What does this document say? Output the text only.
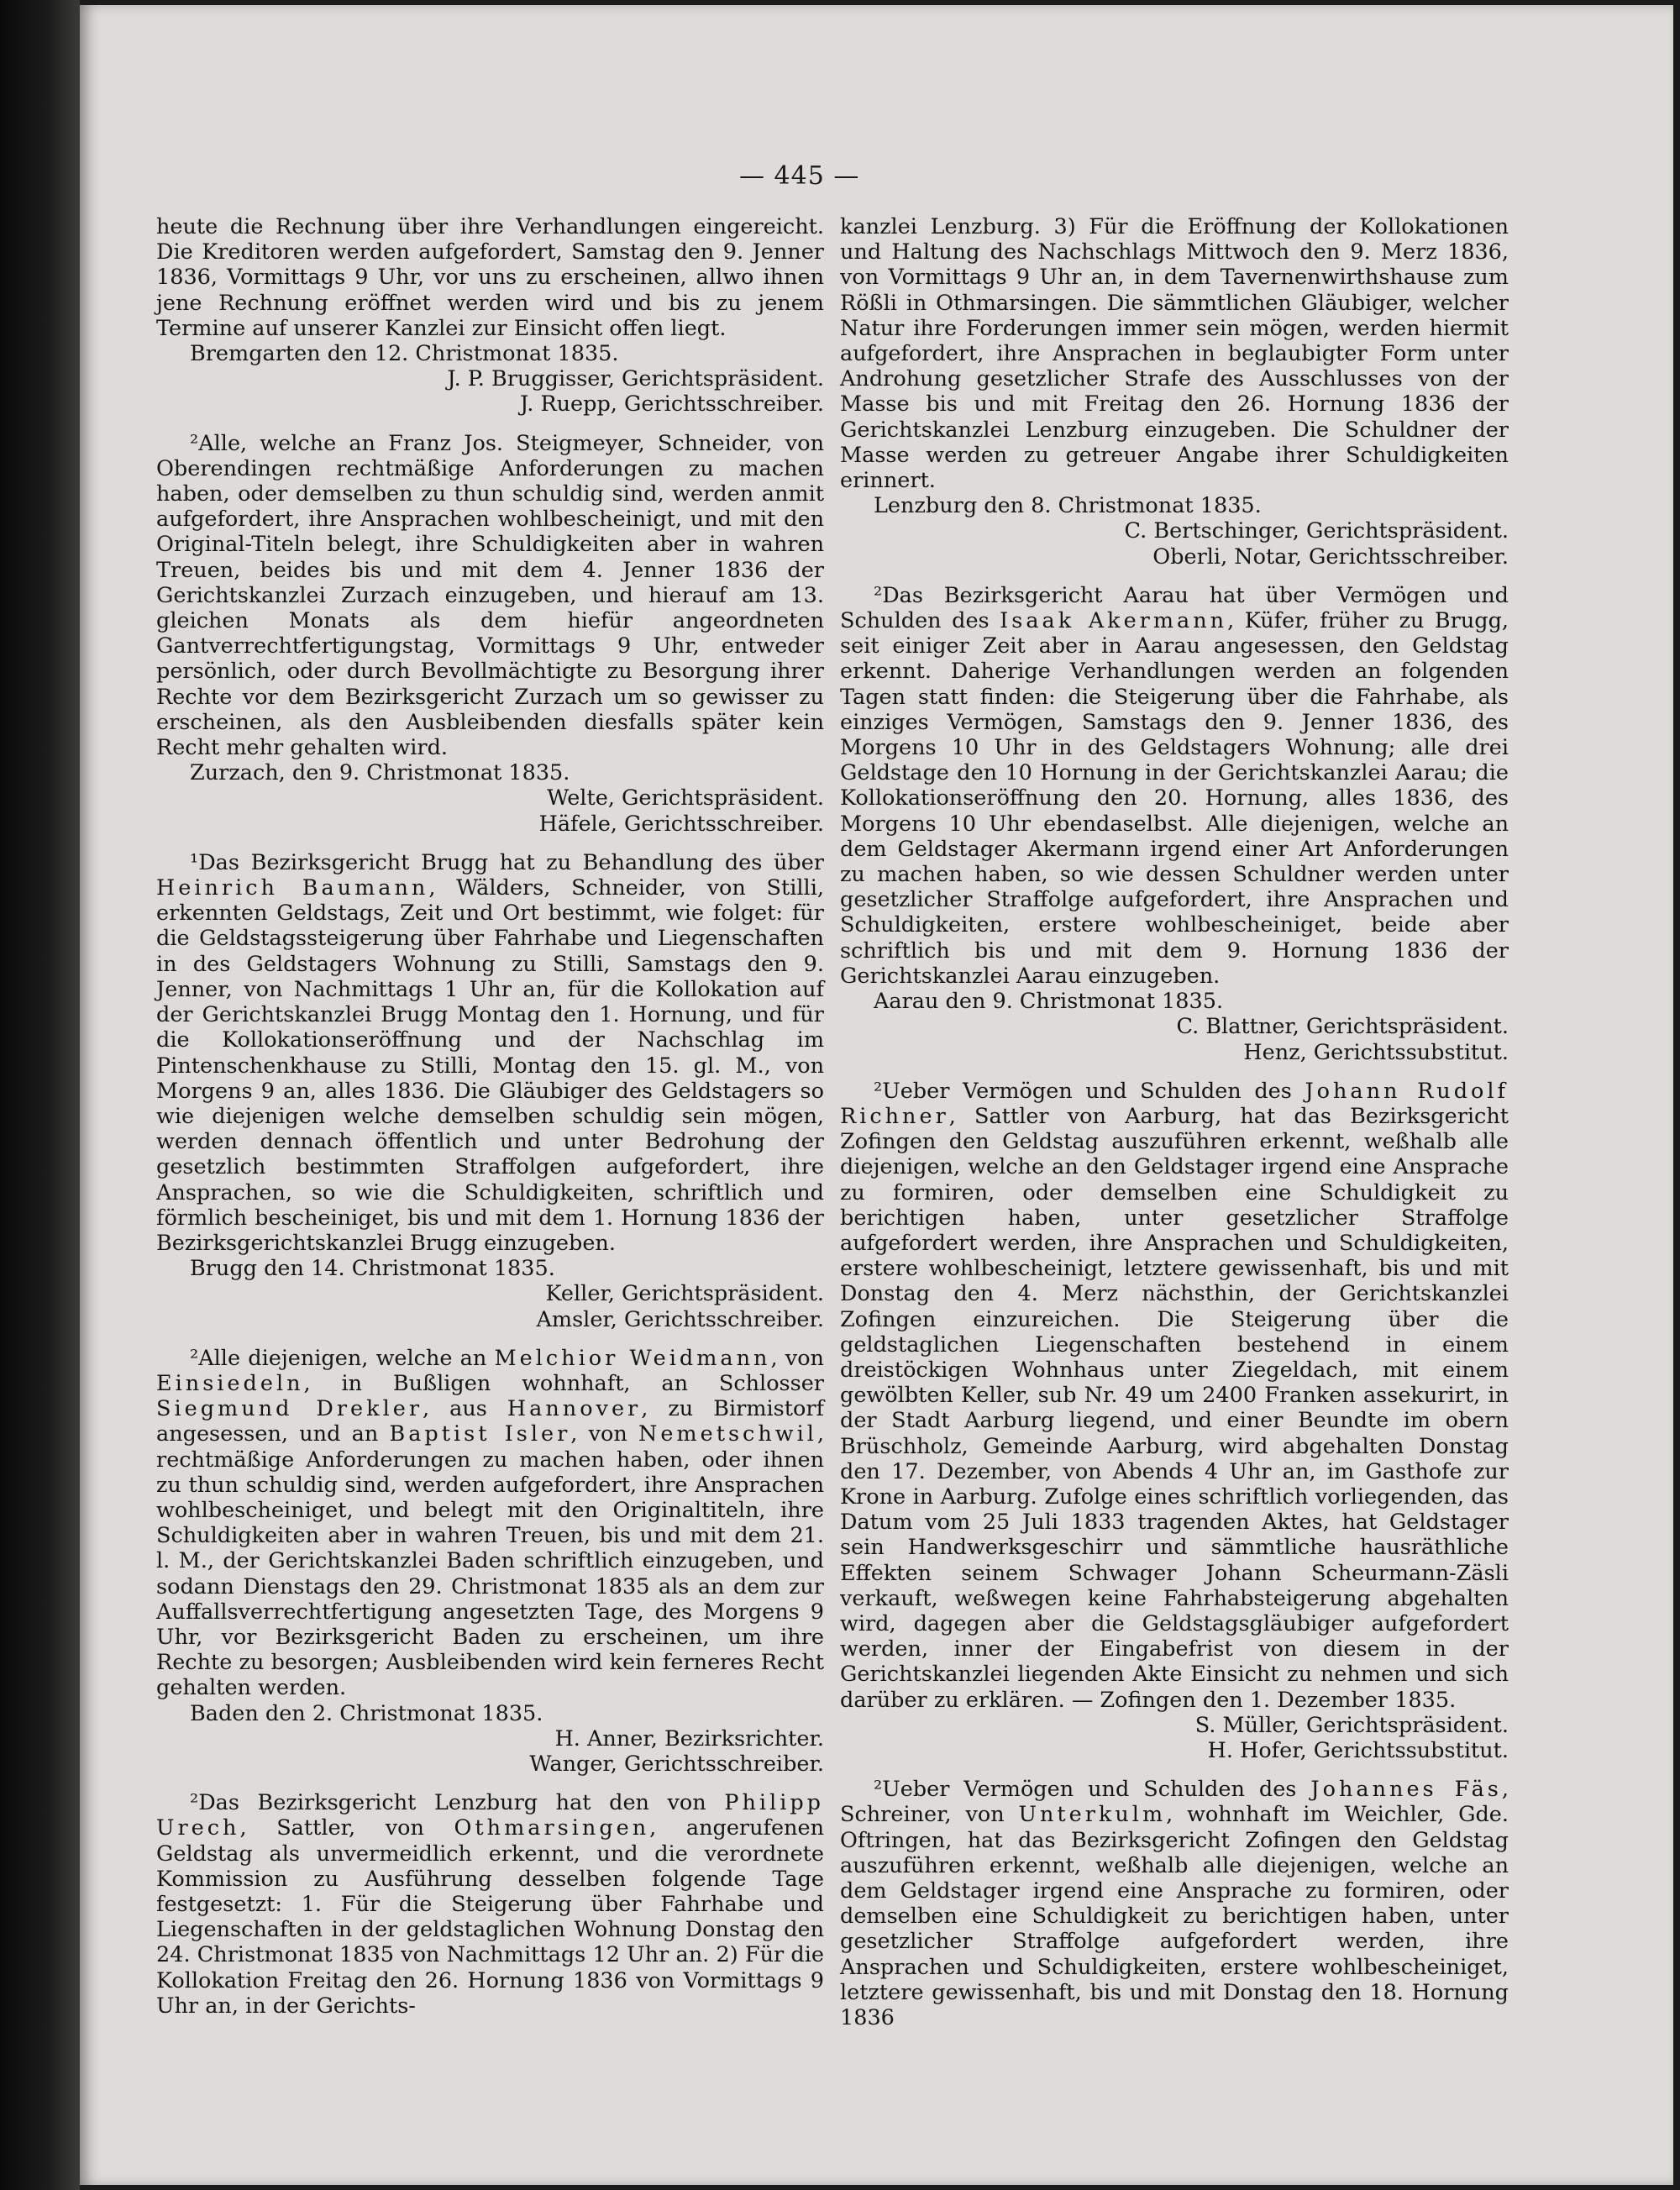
— 445 —

heute die Rechnung über ihre Verhandlungen eingereicht. Die Kreditoren werden aufgefordert, Samstag den 9. Jenner 1836, Vormittags 9 Uhr, vor uns zu erscheinen, allwo ihnen jene Rechnung eröffnet werden wird und bis zu jenem Termine auf unserer Kanzlei zur Einsicht offen liegt.

Bremgarten den 12. Christmonat 1835.

J. P. Bruggisser, Gerichtspräsident.

J. Ruepp, Gerichtsschreiber.

²Alle, welche an Franz Jos. Steigmeyer, Schneider, von Oberendingen rechtmäßige Anforderungen zu machen haben, oder demselben zu thun schuldig sind, werden anmit aufgefordert, ihre Ansprachen wohlbescheinigt, und mit den Original-Titeln belegt, ihre Schuldigkeiten aber in wahren Treuen, beides bis und mit dem 4. Jenner 1836 der Gerichtskanzlei Zurzach einzugeben, und hierauf am 13. gleichen Monats als dem hiefür angeordneten Gantverrechtfertigungstag, Vormittags 9 Uhr, entweder persönlich, oder durch Bevollmächtigte zu Besorgung ihrer Rechte vor dem Bezirksgericht Zurzach um so gewisser zu erscheinen, als den Ausbleibenden diesfalls später kein Recht mehr gehalten wird.

Zurzach, den 9. Christmonat 1835.

Welte, Gerichtspräsident.

Häfele, Gerichtsschreiber.

¹Das Bezirksgericht Brugg hat zu Behandlung des über Heinrich Baumann, Wälders, Schneider, von Stilli, erkennten Geldstags, Zeit und Ort bestimmt, wie folget: für die Geldstagssteigerung über Fahrhabe und Liegenschaften in des Geldstagers Wohnung zu Stilli, Samstags den 9. Jenner, von Nachmittags 1 Uhr an, für die Kollokation auf der Gerichtskanzlei Brugg Montag den 1. Hornung, und für die Kollokationseröffnung und der Nachschlag im Pintenschenkhause zu Stilli, Montag den 15. gl. M., von Morgens 9 an, alles 1836. Die Gläubiger des Geldstagers so wie diejenigen welche demselben schuldig sein mögen, werden dennach öffentlich und unter Bedrohung der gesetzlich bestimmten Straffolgen aufgefordert, ihre Ansprachen, so wie die Schuldigkeiten, schriftlich und förmlich bescheiniget, bis und mit dem 1. Hornung 1836 der Bezirksgerichtskanzlei Brugg einzugeben.

Brugg den 14. Christmonat 1835.

Keller, Gerichtspräsident.

Amsler, Gerichtsschreiber.

²Alle diejenigen, welche an Melchior Weidmann, von Einsiedeln, in Bußligen wohnhaft, an Schlosser Siegmund Drekler, aus Hannover, zu Birmistorf angesessen, und an Baptist Isler, von Nemetschwil, rechtmäßige Anforderungen zu machen haben, oder ihnen zu thun schuldig sind, werden aufgefordert, ihre Ansprachen wohlbescheiniget, und belegt mit den Originaltiteln, ihre Schuldigkeiten aber in wahren Treuen, bis und mit dem 21. l. M., der Gerichtskanzlei Baden schriftlich einzugeben, und sodann Dienstags den 29. Christmonat 1835 als an dem zur Auffallsverrechtfertigung angesetzten Tage, des Morgens 9 Uhr, vor Bezirksgericht Baden zu erscheinen, um ihre Rechte zu besorgen; Ausbleibenden wird kein ferneres Recht gehalten werden.

Baden den 2. Christmonat 1835.

H. Anner, Bezirksrichter.

Wanger, Gerichtsschreiber.

²Das Bezirksgericht Lenzburg hat den von Philipp Urech, Sattler, von Othmarsingen, angerufenen Geldstag als unvermeidlich erkennt, und die verordnete Kommission zu Ausführung desselben folgende Tage festgesetzt: 1. Für die Steigerung über Fahrhabe und Liegenschaften in der geldstaglichen Wohnung Donstag den 24. Christmonat 1835 von Nachmittags 12 Uhr an. 2) Für die Kollokation Freitag den 26. Hornung 1836 von Vormittags 9 Uhr an, in der Gerichts-

kanzlei Lenzburg. 3) Für die Eröffnung der Kollokationen und Haltung des Nachschlags Mittwoch den 9. Merz 1836, von Vormittags 9 Uhr an, in dem Tavernenwirthshause zum Rößli in Othmarsingen. Die sämmtlichen Gläubiger, welcher Natur ihre Forderungen immer sein mögen, werden hiermit aufgefordert, ihre Ansprachen in beglaubigter Form unter Androhung gesetzlicher Strafe des Ausschlusses von der Masse bis und mit Freitag den 26. Hornung 1836 der Gerichtskanzlei Lenzburg einzugeben. Die Schuldner der Masse werden zu getreuer Angabe ihrer Schuldigkeiten erinnert.

Lenzburg den 8. Christmonat 1835.

C. Bertschinger, Gerichtspräsident.

Oberli, Notar, Gerichtsschreiber.

²Das Bezirksgericht Aarau hat über Vermögen und Schulden des Isaak Akermann, Küfer, früher zu Brugg, seit einiger Zeit aber in Aarau angesessen, den Geldstag erkennt. Daherige Verhandlungen werden an folgenden Tagen statt finden: die Steigerung über die Fahrhabe, als einziges Vermögen, Samstags den 9. Jenner 1836, des Morgens 10 Uhr in des Geldstagers Wohnung; alle drei Geldstage den 10 Hornung in der Gerichtskanzlei Aarau; die Kollokationseröffnung den 20. Hornung, alles 1836, des Morgens 10 Uhr ebendaselbst. Alle diejenigen, welche an dem Geldstager Akermann irgend einer Art Anforderungen zu machen haben, so wie dessen Schuldner werden unter gesetzlicher Straffolge aufgefordert, ihre Ansprachen und Schuldigkeiten, erstere wohlbescheiniget, beide aber schriftlich bis und mit dem 9. Hornung 1836 der Gerichtskanzlei Aarau einzugeben.

Aarau den 9. Christmonat 1835.

C. Blattner, Gerichtspräsident.

Henz, Gerichtssubstitut.

²Ueber Vermögen und Schulden des Johann Rudolf Richner, Sattler von Aarburg, hat das Bezirksgericht Zofingen den Geldstag auszuführen erkennt, weßhalb alle diejenigen, welche an den Geldstager irgend eine Ansprache zu formiren, oder demselben eine Schuldigkeit zu berichtigen haben, unter gesetzlicher Straffolge aufgefordert werden, ihre Ansprachen und Schuldigkeiten, erstere wohlbescheinigt, letztere gewissenhaft, bis und mit Donstag den 4. Merz nächsthin, der Gerichtskanzlei Zofingen einzureichen. Die Steigerung über die geldstaglichen Liegenschaften bestehend in einem dreistöckigen Wohnhaus unter Ziegeldach, mit einem gewölbten Keller, sub Nr. 49 um 2400 Franken assekurirt, in der Stadt Aarburg liegend, und einer Beundte im obern Brüschholz, Gemeinde Aarburg, wird abgehalten Donstag den 17. Dezember, von Abends 4 Uhr an, im Gasthofe zur Krone in Aarburg. Zufolge eines schriftlich vorliegenden, das Datum vom 25 Juli 1833 tragenden Aktes, hat Geldstager sein Handwerksgeschirr und sämmtliche hausräthliche Effekten seinem Schwager Johann Scheurmann-Zäsli verkauft, weßwegen keine Fahrhabsteigerung abgehalten wird, dagegen aber die Geldstagsgläubiger aufgefordert werden, inner der Eingabefrist von diesem in der Gerichtskanzlei liegenden Akte Einsicht zu nehmen und sich darüber zu erklären. — Zofingen den 1. Dezember 1835.

S. Müller, Gerichtspräsident.

H. Hofer, Gerichtssubstitut.

²Ueber Vermögen und Schulden des Johannes Fäs, Schreiner, von Unterkulm, wohnhaft im Weichler, Gde. Oftringen, hat das Bezirksgericht Zofingen den Geldstag auszuführen erkennt, weßhalb alle diejenigen, welche an dem Geldstager irgend eine Ansprache zu formiren, oder demselben eine Schuldigkeit zu berichtigen haben, unter gesetzlicher Straffolge aufgefordert werden, ihre Ansprachen und Schuldigkeiten, erstere wohlbescheiniget, letztere gewissenhaft, bis und mit Donstag den 18. Hornung 1836
